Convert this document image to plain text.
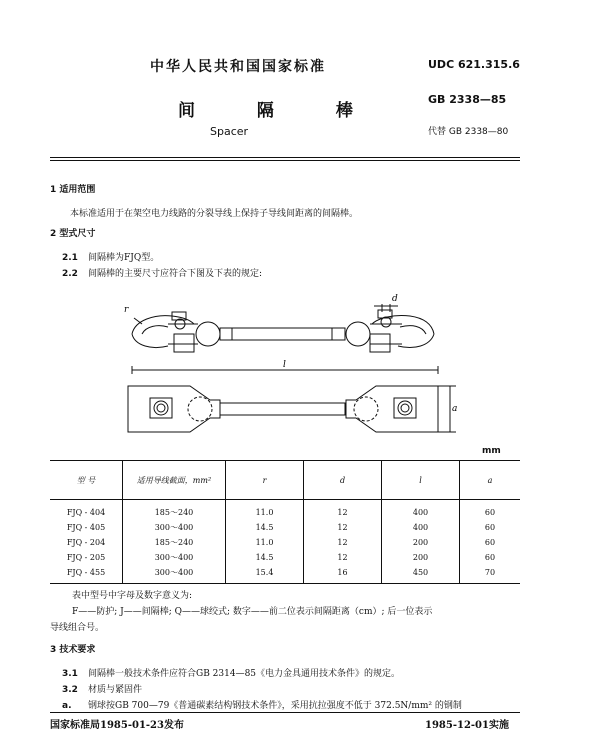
中华人民共和国国家标准
间 隔 棒
Spacer
UDC 621.315.6
GB 2338—85
代替 GB 2338—80
1 适用范围
本标准适用于在架空电力线路的分裂导线上保持子导线间距离的间隔棒。
2 型式尺寸
2.1 间隔棒为FJQ型。
2.2 间隔棒的主要尺寸应符合下图及下表的规定:
r
d
l
a
mm
型 号	适用导线截面，mm²	r	d	l	a
FJQ - 404	185～240	11.0	12	400	60
FJQ - 405	300～400	14.5	12	400	60
FJQ - 204	185～240	11.0	12	200	60
FJQ - 205	300～400	14.5	12	200	60
FJQ - 455	300～400	15.4	16	450	70
表中型号中字母及数字意义为:
F——防护; J——间隔棒; Q——球绞式; 数字——前二位表示间隔距离（cm）; 后一位表示
导线组合号。
3 技术要求
3.1 间隔棒一般技术条件应符合GB 2314—85《电力金具通用技术条件》的规定。
3.2 材质与紧固件
a. 钢球按GB 700—79《普通碳素结构钢技术条件》，采用抗拉强度不低于 372.5N/mm² 的钢制
国家标准局1985-01-23发布	1985-12-01实施
